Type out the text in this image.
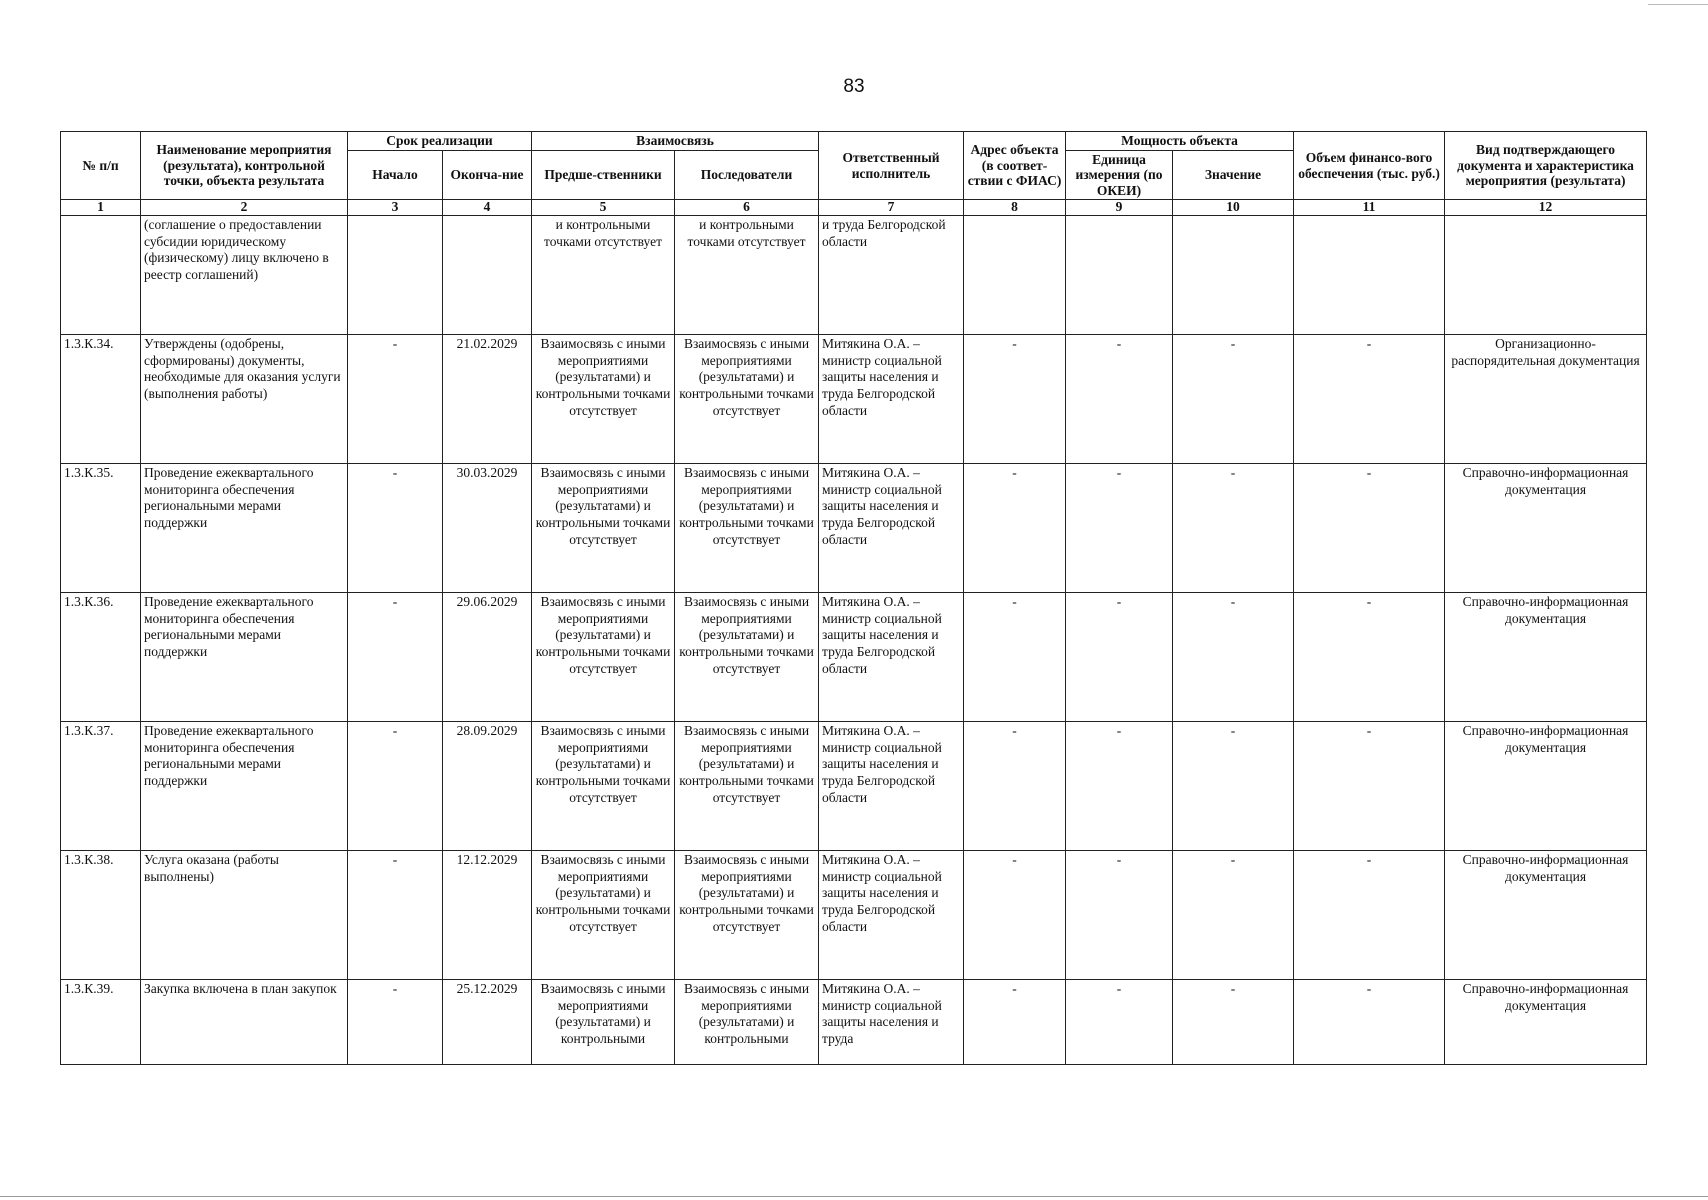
83
№ п/п	Наименование мероприятия (результата), контрольной точки, объекта результата	Срок реализации		Взаимосвязь		Ответственный исполнитель	Адрес объекта (в соответ-ствии с ФИАС)	Мощность объекта		Объем финансо-вого обеспечения (тыс. руб.)	Вид подтверждающего документа и характеристика мероприятия (результата)
		Начало	Оконча-ние	Предше-ственники	Последователи			Единица измерения (по ОКЕИ)	Значение		
1	2	3	4	5	6	7	8	9	10	11	12
	(соглашение о предоставлении субсидии юридическому (физическому) лицу включено в реестр соглашений)			и контрольными точками отсутствует	и контрольными точками отсутствует	и труда Белгородской области					
1.3.К.34.	Утверждены (одобрены, сформированы) документы, необходимые для оказания услуги (выполнения работы)	-	21.02.2029	Взаимосвязь с иными мероприятиями (результатами) и контрольными точками отсутствует	Взаимосвязь с иными мероприятиями (результатами) и контрольными точками отсутствует	Митякина О.А. – министр социальной защиты населения и труда Белгородской области	-	-	-	-	Организационно-распорядительная документация
1.3.К.35.	Проведение ежеквартального мониторинга обеспечения региональными мерами поддержки	-	30.03.2029	Взаимосвязь с иными мероприятиями (результатами) и контрольными точками отсутствует	Взаимосвязь с иными мероприятиями (результатами) и контрольными точками отсутствует	Митякина О.А. – министр социальной защиты населения и труда Белгородской области	-	-	-	-	Справочно-информационная документация
1.3.К.36.	Проведение ежеквартального мониторинга обеспечения региональными мерами поддержки	-	29.06.2029	Взаимосвязь с иными мероприятиями (результатами) и контрольными точками отсутствует	Взаимосвязь с иными мероприятиями (результатами) и контрольными точками отсутствует	Митякина О.А. – министр социальной защиты населения и труда Белгородской области	-	-	-	-	Справочно-информационная документация
1.3.К.37.	Проведение ежеквартального мониторинга обеспечения региональными мерами поддержки	-	28.09.2029	Взаимосвязь с иными мероприятиями (результатами) и контрольными точками отсутствует	Взаимосвязь с иными мероприятиями (результатами) и контрольными точками отсутствует	Митякина О.А. – министр социальной защиты населения и труда Белгородской области	-	-	-	-	Справочно-информационная документация
1.3.К.38.	Услуга оказана (работы выполнены)	-	12.12.2029	Взаимосвязь с иными мероприятиями (результатами) и контрольными точками отсутствует	Взаимосвязь с иными мероприятиями (результатами) и контрольными точками отсутствует	Митякина О.А. – министр социальной защиты населения и труда Белгородской области	-	-	-	-	Справочно-информационная документация
1.3.К.39.	Закупка включена в план закупок	-	25.12.2029	Взаимосвязь с иными мероприятиями (результатами) и контрольными	Взаимосвязь с иными мероприятиями (результатами) и контрольными	Митякина О.А. – министр социальной защиты населения и труда	-	-	-	-	Справочно-информационная документация
